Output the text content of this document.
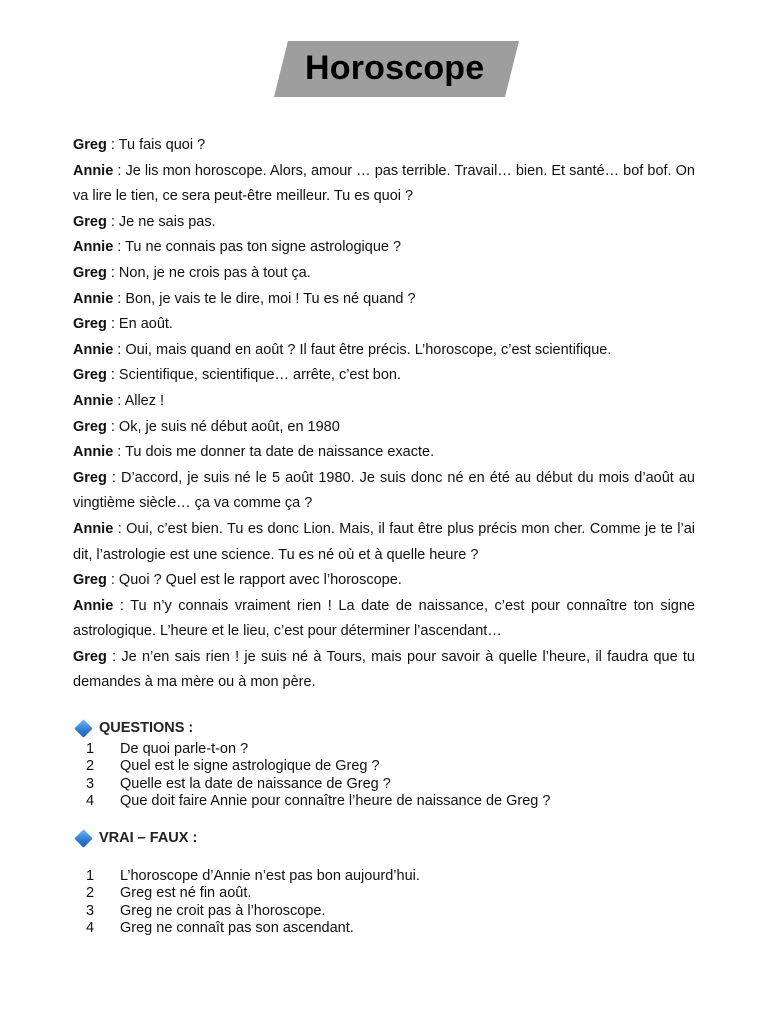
Horoscope

Greg : Tu fais quoi ?

Annie : Je lis mon horoscope. Alors, amour … pas terrible. Travail… bien. Et santé… bof bof. On va lire le tien, ce sera peut-être meilleur. Tu es quoi ?

Greg : Je ne sais pas.

Annie : Tu ne connais pas ton signe astrologique ?

Greg : Non, je ne crois pas à tout ça.

Annie : Bon, je vais te le dire, moi ! Tu es né quand ?

Greg : En août.

Annie : Oui, mais quand en août ? Il faut être précis. L’horoscope, c’est scientifique.

Greg : Scientifique, scientifique… arrête, c’est bon.

Annie : Allez !

Greg : Ok, je suis né début août, en 1980

Annie : Tu dois me donner ta date de naissance exacte.

Greg : D’accord, je suis né le 5 août 1980. Je suis donc né en été au début du mois d’août au vingtième siècle… ça va comme ça ?

Annie : Oui, c’est bien. Tu es donc Lion. Mais, il faut être plus précis mon cher. Comme je te l’ai dit, l’astrologie est une science. Tu es né où et à quelle heure ?

Greg : Quoi ? Quel est le rapport avec l’horoscope.

Annie : Tu n’y connais vraiment rien ! La date de naissance, c’est pour connaître ton signe astrologique. L’heure et le lieu, c’est pour déterminer l’ascendant…

Greg : Je n’en sais rien ! je suis né à Tours, mais pour savoir à quelle l’heure, il faudra que tu demandes à ma mère ou à mon père.

QUESTIONS :
1	De quoi parle-t-on ?
2	Quel est le signe astrologique de Greg ?
3	Quelle est la date de naissance de Greg ?
4	Que doit faire Annie pour connaître l’heure de naissance de Greg ?
VRAI – FAUX :
1	L’horoscope d’Annie n’est pas bon aujourd’hui.
2	Greg est né fin août.
3	Greg ne croit pas à l’horoscope.
4	Greg ne connaît pas son ascendant.
